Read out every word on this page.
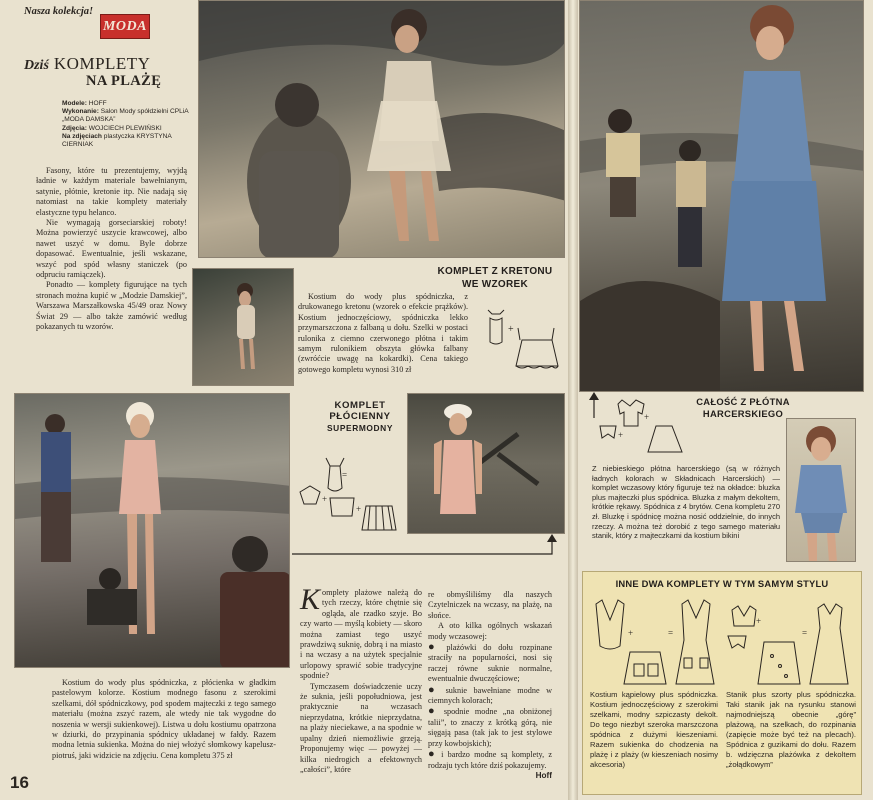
Nasza kolekcja!
MODA
Dziś KOMPLETY
NA PLAŻĘ
Modele: HOFF
Wykonanie: Salon Mody spółdzielni CPLiA „MODA DAMSKA”
Zdjęcia: WOJCIECH PLEWIŃSKI
Na zdjęciach plastyczka KRYSTYNA CIERNIAK

Fasony, które tu prezentujemy, wyjdą ładnie w każdym materiale bawełnianym, satynie, płótnie, kretonie itp. Nie nadają się natomiast na takie komplety materiały elastyczne typu helanco.

Nie wymagają gorseciarskiej roboty! Można powierzyć uszycie krawcowej, albo nawet uszyć w domu. Byle dobrze dopasować. Ewentualnie, jeśli wskazane, wszyć pod spód własny staniczek (po odpruciu ramiączek).

Ponadto — komplety figurujące na tych stronach można kupić w „Modzie Damskiej”, Warszawa Marszałkowska 45/49 oraz Nowy Świat 29 — albo także zamówić według pokazanych tu wzorów.

KOMPLET Z KRETONU
WE WZOREK
Kostium do wody plus spódniczka, z drukowanego kretonu (wzorek o efekcie prążków). Kostium jednoczęściowy, spódniczka lekko przymarszczona z falbaną u dołu. Szelki w postaci rulonika z ciemno czerwonego płótna i takim samym rulonikiem obszyta główka falbany (zwróćcie uwagę na kokardki). Cena takiego gotowego kompletu wynosi 310 zł
+
KOMPLET
PŁÓCIENNY
SUPERMODNY
=
+
+
Kostium do wody plus spódniczka, z płócienka w gładkim pastelowym kolorze. Kostium modnego fasonu z szerokimi szelkami, dół spódniczkowy, pod spodem majteczki z tego samego materiału (można zszyć razem, ale wtedy nie tak wygodne do noszenia w wersji sukienkowej). Listwa u dołu kostiumu opatrzona w dziurki, do przypinania spódnicy układanej w fałdy. Razem modna letnia sukienka. Można do niej włożyć słomkowy kapelusz-piotruś, jaki widzicie na zdjęciu. Cena kompletu 375 zł

Komplety plażowe należą do tych rzeczy, które chętnie się ogląda, ale rzadko szyje. Bo czy warto — myślą kobiety — skoro można zamiast tego uszyć prawdziwą suknię, dobrą i na miasto i na wczasy a na użytek specjalnie urlopowy sprawić sobie tradycyjne spodnie?

Tymczasem doświadczenie uczy że suknia, jeśli popołudniowa, jest praktycznie na wczasach nieprzydatna, krótkie nieprzydatna, na plaży nieciekawe, a na spodnie w upalny dzień niemożliwie grzeją. Proponujemy więc — powyżej — kilka niedrogich a efektownych „całości”, które

re obmyśliliśmy dla naszych Czytelniczek na wczasy, na plażę, na słońce.

A oto kilka ogólnych wskazań mody wczasowej:

● plażówki do dołu rozpinane straciły na popularności, nosi się raczej równe suknie normalne, ewentualnie dwuczęściowe;

● suknie bawełniane modne w ciemnych kolorach;

● spodnie modne „na obniżonej talii”, to znaczy z krótką górą, nie sięgają pasa (tak jak to jest stylowe przy kowbojskich);

● i bardzo modne są komplety, z rodzaju tych które dziś pokazujemy.
Hoff

16
CAŁOŚĆ Z PŁÓTNA
HARCERSKIEGO
+
+
Z niebieskiego płótna harcerskiego (są w różnych ładnych kolorach w Składnicach Harcerskich) — komplet wczasowy który figuruje też na okładce: bluzka plus majteczki plus spódnica. Bluzka z małym dekoltem, krótkie rękawy. Spódnica z 4 brytów. Cena kompletu 270 zł. Bluzkę i spódnicę można nosić oddzielnie, do innych rzeczy. A można też dorobić z tego samego materiału stanik, który z majteczkami da kostium bikini
INNE DWA KOMPLETY W TYM SAMYM STYLU
+	=
+
=
Kostium kąpielowy plus spódniczka. Kostium jednoczęściowy z szerokimi szelkami, modny szpiczasty dekolt. Do tego niezbyt szeroka marszczona spódnica z dużymi kieszeniami. Razem sukienka do chodzenia na plażę i z plaży (w kieszeniach nosimy akcesoria)
Stanik plus szorty plus spódniczka. Taki stanik jak na rysunku stanowi najmodniejszą obecnie „górę” plażową, na szelkach, do rozpinania (zapięcie może być też na plecach). Spódnica z guzikami do dołu. Razem b. wdzięczna plażówka z dekoltem „żołądkowym”
